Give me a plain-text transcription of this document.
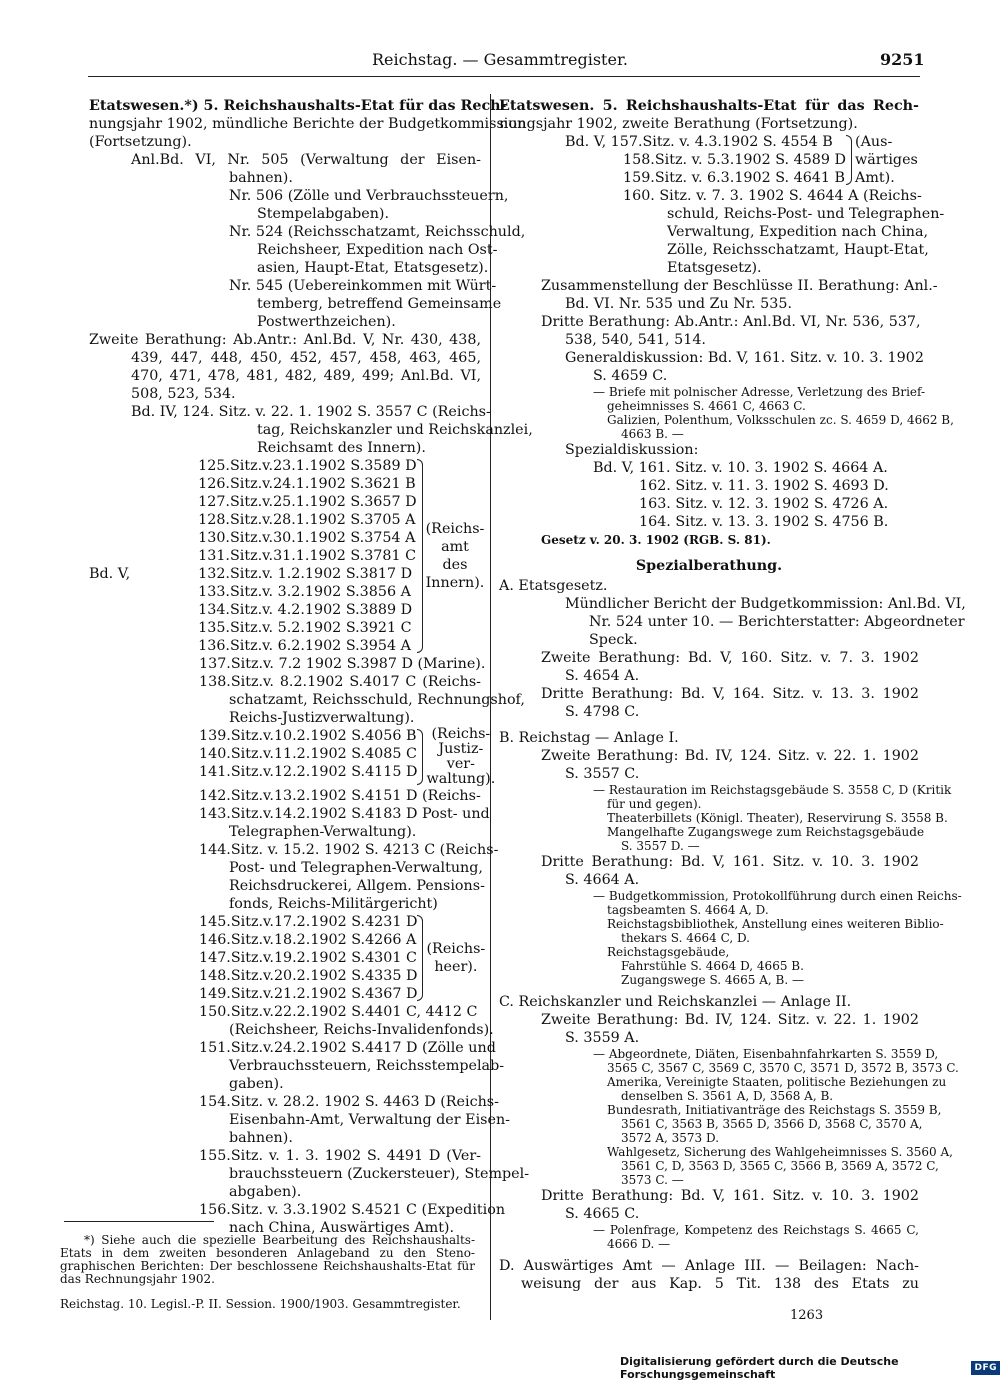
Reichstag. — Gesammtregister.	9251
Etatswesen.*) 5. Reichshaushalts-Etat für das Rech-
nungsjahr 1902, mündliche Berichte der Budgetkommission
(Fortsetzung).
Anl.Bd. VI, Nr. 505 (Verwaltung der Eisen-
bahnen).
Nr. 506 (Zölle und Verbrauchssteuern,
Stempelabgaben).
Nr. 524 (Reichsschatzamt, Reichsschuld,
Reichsheer, Expedition nach Ost-
asien, Haupt-Etat, Etatsgesetz).
Nr. 545 (Uebereinkommen mit Würt-
temberg, betreffend Gemeinsame
Postwerthzeichen).
Zweite Berathung: Ab.Antr.: Anl.Bd. V, Nr. 430, 438,
439, 447, 448, 450, 452, 457, 458, 463, 465,
470, 471, 478, 481, 482, 489, 499; Anl.Bd. VI,
508, 523, 534.
Bd. IV, 124. Sitz. v. 22. 1. 1902 S. 3557 C (Reichs-
tag, Reichskanzler und Reichskanzlei,
Reichsamt des Innern).
Bd. V,
125.Sitz.v.23.1.1902 S.3589 D
126.Sitz.v.24.1.1902 S.3621 B
127.Sitz.v.25.1.1902 S.3657 D
128.Sitz.v.28.1.1902 S.3705 A
130.Sitz.v.30.1.1902 S.3754 A
131.Sitz.v.31.1.1902 S.3781 C
132.Sitz.v. 1.2.1902 S.3817 D
133.Sitz.v. 3.2.1902 S.3856 A
134.Sitz.v. 4.2.1902 S.3889 D
135.Sitz.v. 5.2.1902 S.3921 C
136.Sitz.v. 6.2.1902 S.3954 A
(Reichs-
amt
des
Innern).
137.Sitz.v. 7.2 1902 S.3987 D (Marine).
138.Sitz.v. 8.2.1902 S.4017 C (Reichs-
schatzamt, Reichsschuld, Rechnungshof,
Reichs-Justizverwaltung).
139.Sitz.v.10.2.1902 S.4056 B
140.Sitz.v.11.2.1902 S.4085 C
141.Sitz.v.12.2.1902 S.4115 D
(Reichs-
Justiz-
ver-
waltung).
142.Sitz.v.13.2.1902 S.4151 D (Reichs-
143.Sitz.v.14.2.1902 S.4183 D Post- und
Telegraphen-Verwaltung).
144.Sitz. v. 15.2. 1902 S. 4213 C (Reichs-
Post- und Telegraphen-Verwaltung,
Reichsdruckerei, Allgem. Pensions-
fonds, Reichs-Militärgericht)
145.Sitz.v.17.2.1902 S.4231 D
146.Sitz.v.18.2.1902 S.4266 A
147.Sitz.v.19.2.1902 S.4301 C
148.Sitz.v.20.2.1902 S.4335 D
149.Sitz.v.21.2.1902 S.4367 D
(Reichs-
heer).
150.Sitz.v.22.2.1902 S.4401 C, 4412 C
(Reichsheer, Reichs-Invalidenfonds).
151.Sitz.v.24.2.1902 S.4417 D (Zölle und
Verbrauchssteuern, Reichsstempelab-
gaben).
154.Sitz. v. 28.2. 1902 S. 4463 D (Reichs-
Eisenbahn-Amt, Verwaltung der Eisen-
bahnen).
155.Sitz. v. 1. 3. 1902 S. 4491 D (Ver-
brauchssteuern (Zuckersteuer), Stempel-
abgaben).
156.Sitz. v. 3.3.1902 S.4521 C (Expedition
nach China, Auswärtiges Amt).
*) Siehe auch die spezielle Bearbeitung des Reichshaushalts-
Etats in dem zweiten besonderen Anlageband zu den Steno-
graphischen Berichten: Der beschlossene Reichshaushalts-Etat für
das Rechnungsjahr 1902.
Reichstag. 10. Legisl.-P. II. Session. 1900/1903. Gesammtregister.
Etatswesen. 5. Reichshaushalts-Etat für das Rech-
nungsjahr 1902, zweite Berathung (Fortsetzung).
Bd. V, 157.Sitz. v. 4.3.1902 S. 4554 B
158.Sitz. v. 5.3.1902 S. 4589 D
159.Sitz. v. 6.3.1902 S. 4641 B
(Aus-
wärtiges
Amt).
160. Sitz. v. 7. 3. 1902 S. 4644 A (Reichs-
schuld, Reichs-Post- und Telegraphen-
Verwaltung, Expedition nach China,
Zölle, Reichsschatzamt, Haupt-Etat,
Etatsgesetz).
Zusammenstellung der Beschlüsse II. Berathung: Anl.-
Bd. VI. Nr. 535 und Zu Nr. 535.
Dritte Berathung: Ab.Antr.: Anl.Bd. VI, Nr. 536, 537,
538, 540, 541, 514.
Generaldiskussion: Bd. V, 161. Sitz. v. 10. 3. 1902
S. 4659 C.
— Briefe mit polnischer Adresse, Verletzung des Brief-
geheimnisses S. 4661 C, 4663 C.
Galizien, Polenthum, Volksschulen zc. S. 4659 D, 4662 B,
4663 B. —
Spezialdiskussion:
Bd. V, 161. Sitz. v. 10. 3. 1902 S. 4664 A.
162. Sitz. v. 11. 3. 1902 S. 4693 D.
163. Sitz. v. 12. 3. 1902 S. 4726 A.
164. Sitz. v. 13. 3. 1902 S. 4756 B.
Gesetz v. 20. 3. 1902 (RGB. S. 81).
Spezialberathung.
A. Etatsgesetz.
Mündlicher Bericht der Budgetkommission: Anl.Bd. VI,
Nr. 524 unter 10. — Berichterstatter: Abgeordneter
Speck.
Zweite Berathung: Bd. V, 160. Sitz. v. 7. 3. 1902
S. 4654 A.
Dritte Berathung: Bd. V, 164. Sitz. v. 13. 3. 1902
S. 4798 C.
B. Reichstag — Anlage I.
Zweite Berathung: Bd. IV, 124. Sitz. v. 22. 1. 1902
S. 3557 C.
— Restauration im Reichstagsgebäude S. 3558 C, D (Kritik
für und gegen).
Theaterbillets (Königl. Theater), Reservirung S. 3558 B.
Mangelhafte Zugangswege zum Reichstagsgebäude
S. 3557 D. —
Dritte Berathung: Bd. V, 161. Sitz. v. 10. 3. 1902
S. 4664 A.
— Budgetkommission, Protokollführung durch einen Reichs-
tagsbeamten S. 4664 A, D.
Reichstagsbibliothek, Anstellung eines weiteren Biblio-
thekars S. 4664 C, D.
Reichstagsgebäude,
Fahrstühle S. 4664 D, 4665 B.
Zugangswege S. 4665 A, B. —
C. Reichskanzler und Reichskanzlei — Anlage II.
Zweite Berathung: Bd. IV, 124. Sitz. v. 22. 1. 1902
S. 3559 A.
— Abgeordnete, Diäten, Eisenbahnfahrkarten S. 3559 D,
3565 C, 3567 C, 3569 C, 3570 C, 3571 D, 3572 B, 3573 C.
Amerika, Vereinigte Staaten, politische Beziehungen zu
denselben S. 3561 A, D, 3568 A, B.
Bundesrath, Initiativanträge des Reichstags S. 3559 B,
3561 C, 3563 B, 3565 D, 3566 D, 3568 C, 3570 A,
3572 A, 3573 D.
Wahlgesetz, Sicherung des Wahlgeheimnisses S. 3560 A,
3561 C, D, 3563 D, 3565 C, 3566 B, 3569 A, 3572 C,
3573 C. —
Dritte Berathung: Bd. V, 161. Sitz. v. 10. 3. 1902
S. 4665 C.
— Polenfrage, Kompetenz des Reichstags S. 4665 C,
4666 D. —
D. Auswärtiges Amt — Anlage III. — Beilagen: Nach-
weisung der aus Kap. 5 Tit. 138 des Etats zu
1263
Digitalisierung gefördert durch die Deutsche Forschungsgemeinschaft	DFG
